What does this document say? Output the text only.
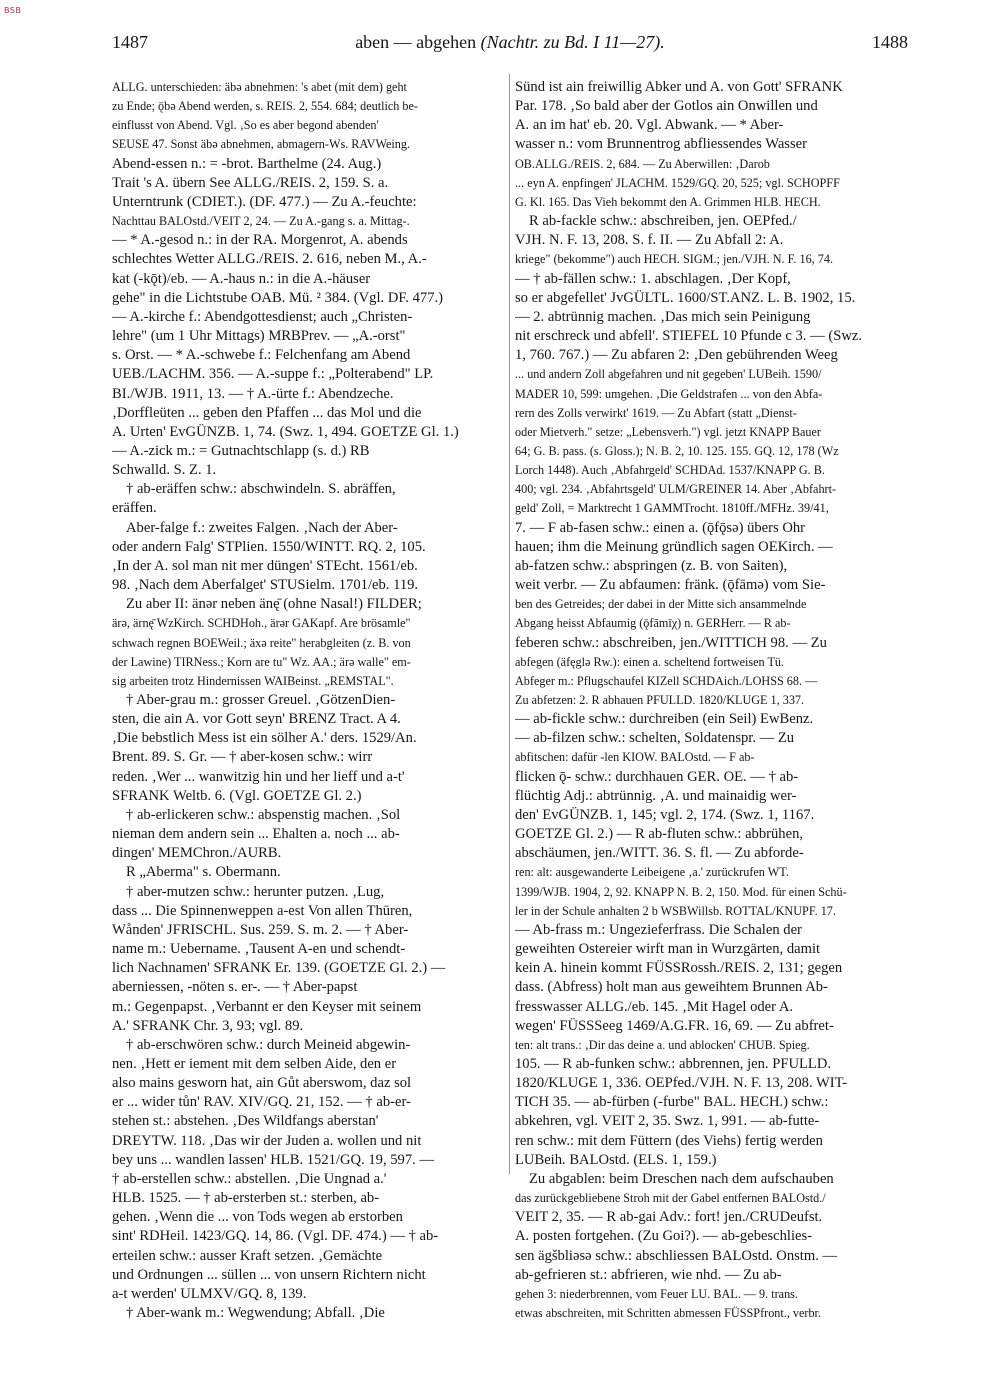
BSB
1487	aben — abgehen (Nachtr. zu Bd. I 11—27).	1488
ALLG. unterschieden: äbə abnehmen: 's abet (mit dem) geht
zu Ende; ǭbə Abend werden, s. REIS. 2, 554. 684; deutlich be-
einflusst von Abend. Vgl. ‚So es aber begond abenden'
SEUSE 47. Sonst äbə abnehmen, abmagern-Ws. RAVWeing.
Abend-essen n.: = -brot. Barthelme (24. Aug.)
Trait 's A. übern See ALLG./REIS. 2, 159. S. a.
Unterntrunk (CDIET.). (DF. 477.) — Zu A.-feuchte:
Nachttau BALOstd./VEIT 2, 24. — Zu A.-gang s. a. Mittag-.
— * A.-gesod n.: in der RA. Morgenrot, A. abends
schlechtes Wetter ALLG./REIS. 2. 616, neben M., A.-
kat (-kǭt)/eb. — A.-haus n.: in die A.-häuser
gehe" in die Lichtstube OAB. Mü. ² 384. (Vgl. DF. 477.)
— A.-kirche f.: Abendgottesdienst; auch „Christen-
lehre" (um 1 Uhr Mittags) MRBPrev. — „A.-orst"
s. Orst. — * A.-schwebe f.: Felchenfang am Abend
UEB./LACHM. 356. — A.-suppe f.: „Polterabend" LP.
BI./WJB. 1911, 13. — † A.-ürte f.: Abendzeche.
‚Dorffleüten ... geben den Pfaffen ... das Mol und die
A. Urten' EvGÜNZB. 1, 74. (Swz. 1, 494. GOETZE Gl. 1.)
— A.-zick m.: = Gutnachtschlapp (s. d.) RB
Schwalld. S. Z. 1.
† ab-eräffen schw.: abschwindeln. S. abräffen,
eräffen.
Aber-falge f.: zweites Falgen. ‚Nach der Aber-
oder andern Falg' STPlien. 1550/WINTT. RQ. 2, 105.
‚In der A. sol man nit mer düngen' STEcht. 1561/eb.
98. ‚Nach dem Aberfalget' STUSielm. 1701/eb. 119.
Zu aber II: änər neben änę̄ (ohne Nasal!) FILDER;
ärə, ärnę̄ WzKirch. SCHDHoh., ärər GAKapf. Are brösamle"
schwach regnen BOEWeil.; äxə reite" herabgleiten (z. B. von
der Lawine) TIRNess.; Korn are tu" Wz. AA.; ärə walle" em-
sig arbeiten trotz Hindernissen WAIBeinst. „REMSTAL".
† Aber-grau m.: grosser Greuel. ‚GötzenDien-
sten, die ain A. vor Gott seyn' BRENZ Tract. A 4.
‚Die bebstlich Mess ist ein sölher A.' ders. 1529/An.
Brent. 89. S. Gr. — † aber-kosen schw.: wirr
reden. ‚Wer ... wanwitzig hin und her lieff und a-t'
SFRANK Weltb. 6. (Vgl. GOETZE Gl. 2.)
† ab-erlickeren schw.: abspenstig machen. ‚Sol
nieman dem andern sein ... Ehalten a. noch ... ab-
dingen' MEMChron./AURB.
R „Aberma" s. Obermann.
† aber-mutzen schw.: herunter putzen. ‚Lug,
dass ... Die Spinnenweppen a-est Von allen Thūren,
Wånden' JFRISCHL. Sus. 259. S. m. 2. — † Aber-
name m.: Uebername. ‚Tausent A-en und schendt-
lich Nachnamen' SFRANK Er. 139. (GOETZE Gl. 2.) —
aberniessen, -nöten s. er-. — † Aber-papst
m.: Gegenpapst. ‚Verbannt er den Keyser mit seinem
A.' SFRANK Chr. 3, 93; vgl. 89.
† ab-erschwören schw.: durch Meineid abgewin-
nen. ‚Hett er iement mit dem selben Aide, den er
also mains gesworn hat, ain Gůt aberswom, daz sol
er ... wider tůn' RAV. XIV/GQ. 21, 152. — † ab-er-
stehen st.: abstehen. ‚Des Wildfangs aberstan'
DREYTW. 118. ‚Das wir der Juden a. wollen und nit
bey uns ... wandlen lassen' HLB. 1521/GQ. 19, 597. —
† ab-erstellen schw.: abstellen. ‚Die Ungnad a.'
HLB. 1525. — † ab-ersterben st.: sterben, ab-
gehen. ‚Wenn die ... von Tods wegen ab erstorben
sint' RDHeil. 1423/GQ. 14, 86. (Vgl. DF. 474.) — † ab-
erteilen schw.: ausser Kraft setzen. ‚Gemächte
und Ordnungen ... süllen ... von unsern Richtern nicht
a-t werden' ULMXV/GQ. 8, 139.
† Aber-wank m.: Wegwendung; Abfall. ‚Die
Sünd ist ain freiwillig Abker und A. von Gott' SFRANK
Par. 178. ‚So bald aber der Gotlos ain Onwillen und
A. an im hat' eb. 20. Vgl. Abwank. — * Aber-
wasser n.: vom Brunnentrog abfliessendes Wasser
OB.ALLG./REIS. 2, 684. — Zu Aberwillen: ‚Darob
... eyn A. enpfingen' JLACHM. 1529/GQ. 20, 525; vgl. SCHOPFF
G. Kl. 165. Das Vieh bekommt den A. Grimmen HLB. HECH.
R ab-fackle schw.: abschreiben, jen. OEPfed./
VJH. N. F. 13, 208. S. f. II. — Zu Abfall 2: A.
kriege" (bekomme") auch HECH. SIGM.; jen./VJH. N. F. 16, 74.
— † ab-fällen schw.: 1. abschlagen. ‚Der Kopf,
so er abgefellet' JvGÜLTL. 1600/ST.ANZ. L. B. 1902, 15.
— 2. abtrünnig machen. ‚Das mich sein Peinigung
nit erschreck und abfell'. STIEFEL 10 Pfunde c 3. — (Swz.
1, 760. 767.) — Zu abfaren 2: ‚Den gebührenden Weeg
... und andern Zoll abgefahren und nit gegeben' LUBeih. 1590/
MADER 10, 599: umgehen. ‚Die Geldstrafen ... von den Abfa-
rern des Zolls verwirkt' 1619. — Zu Abfart (statt „Dienst-
oder Mietverh." setze: „Lebensverh.") vgl. jetzt KNAPP Bauer
64; G. B. pass. (s. Gloss.); N. B. 2, 10. 125. 155. GQ. 12, 178 (Wz
Lorch 1448). Auch ‚Abfahrgeld' SCHDAd. 1537/KNAPP G. B.
400; vgl. 234. ‚Abfahrtsgeld' ULM/GREINER 14. Aber ‚Abfahrt-
geld' Zoll, = Marktrecht 1 GAMMTrocht. 1810ff./MFHz. 39/41,
7. — F ab-fasen schw.: einen a. (ǭfǭsə) übers Ohr
hauen; ihm die Meinung gründlich sagen OEKirch. —
ab-fatzen schw.: abspringen (z. B. von Saiten),
weit verbr. — Zu abfaumen: fränk. (ǭfāmə) vom Sie-
ben des Getreides; der dabei in der Mitte sich ansammelnde
Abgang heisst Abfaumig (ǭfāmīχ) n. GERHerr. — R ab-
feberen schw.: abschreiben, jen./WITTICH 98. — Zu
abfegen (äfęglə Rw.): einen a. scheltend fortweisen Tü.
Abfeger m.: Pflugschaufel KIZell SCHDAich./LOHSS 68. —
Zu abfetzen: 2. R abhauen PFULLD. 1820/KLUGE 1, 337.
— ab-fickle schw.: durchreiben (ein Seil) EwBenz.
— ab-filzen schw.: schelten, Soldatenspr. — Zu
abfitschen: dafür -len KIOW. BALOstd. — F ab-
flicken ǭ- schw.: durchhauen GER. OE. — † ab-
flüchtig Adj.: abtrünnig. ‚A. und mainaidig wer-
den' EvGÜNZB. 1, 145; vgl. 2, 174. (Swz. 1, 1167.
GOETZE Gl. 2.) — R ab-fluten schw.: abbrühen,
abschäumen, jen./WITT. 36. S. fl. — Zu abforde-
ren: alt: ausgewanderte Leibeigene ‚a.' zurückrufen WT.
1399/WJB. 1904, 2, 92. KNAPP N. B. 2, 150. Mod. für einen Schü-
ler in der Schule anhalten 2 b WSBWillsb. ROTTAL/KNUPF. 17.
— Ab-frass m.: Ungezieferfrass. Die Schalen der
geweihten Ostereier wirft man in Wurzgärten, damit
kein A. hinein kommt FÜSSRossh./REIS. 2, 131; gegen
dass. (Abfress) holt man aus geweihtem Brunnen Ab-
fresswasser ALLG./eb. 145. ‚Mit Hagel oder A.
wegen' FÜSSSeeg 1469/A.G.FR. 16, 69. — Zu abfret-
ten: alt trans.: ‚Dir das deine a. und ablocken' CHUB. Spieg.
105. — R ab-funken schw.: abbrennen, jen. PFULLD.
1820/KLUGE 1, 336. OEPfed./VJH. N. F. 13, 208. WIT-
TICH 35. — ab-fürben (-furbe" BAL. HECH.) schw.:
abkehren, vgl. VEIT 2, 35. Swz. 1, 991. — ab-futte-
ren schw.: mit dem Füttern (des Viehs) fertig werden
LUBeih. BALOstd. (ELS. 1, 159.)
Zu abgablen: beim Dreschen nach dem aufschauben
das zurückgebliebene Stroh mit der Gabel entfernen BALOstd./
VEIT 2, 35. — R ab-gai Adv.: fort! jen./CRUDeufst.
A. posten fortgehen. (Zu Goi?). — ab-gebeschlies-
sen ägšbliəsə schw.: abschliessen BALOstd. Onstm. —
ab-gefrieren st.: abfrieren, wie nhd. — Zu ab-
gehen 3: niederbrennen, vom Feuer LU. BAL. — 9. trans.
etwas abschreiten, mit Schritten abmessen FÜSSPfront., verbr.
